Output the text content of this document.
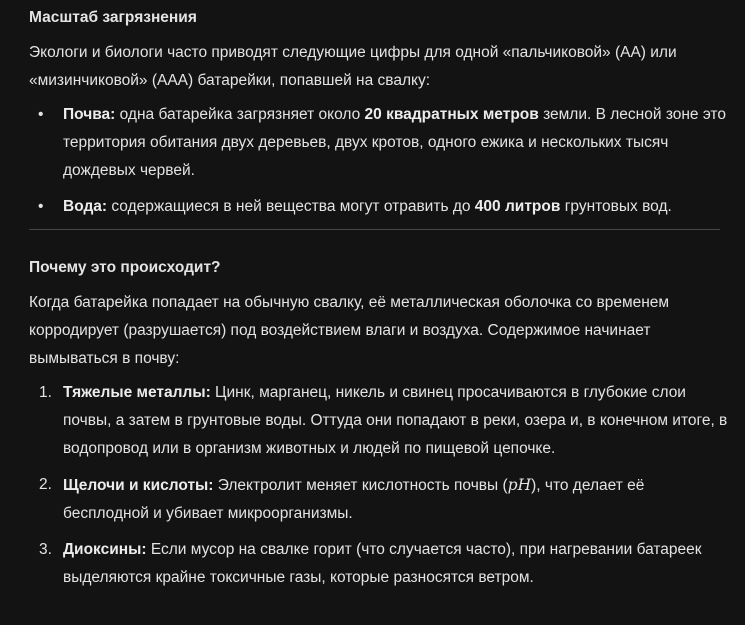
Масштаб загрязнения

Экологи и биологи часто приводят следующие цифры для одной «пальчиковой» (АА) или «мизинчиковой» (ААА) батарейки, попавшей на свалку:

• Почва: одна батарейка загрязняет около 20 квадратных метров земли. В лесной зоне это территория обитания двух деревьев, двух кротов, одного ежика и нескольких тысяч дождевых червей.
• Вода: содержащиеся в ней вещества могут отравить до 400 литров грунтовых вод.
Почему это происходит?

Когда батарейка попадает на обычную свалку, её металлическая оболочка со временем корродирует (разрушается) под воздействием влаги и воздуха. Содержимое начинает вымываться в почву:

1. Тяжелые металлы: Цинк, марганец, никель и свинец просачиваются в глубокие слои почвы, а затем в грунтовые воды. Оттуда они попадают в реки, озера и, в конечном итоге, в водопровод или в организм животных и людей по пищевой цепочке.
2. Щелочи и кислоты: Электролит меняет кислотность почвы (pH), что делает её бесплодной и убивает микроорганизмы.
3. Диоксины: Если мусор на свалке горит (что случается часто), при нагревании батареек выделяются крайне токсичные газы, которые разносятся ветром.
